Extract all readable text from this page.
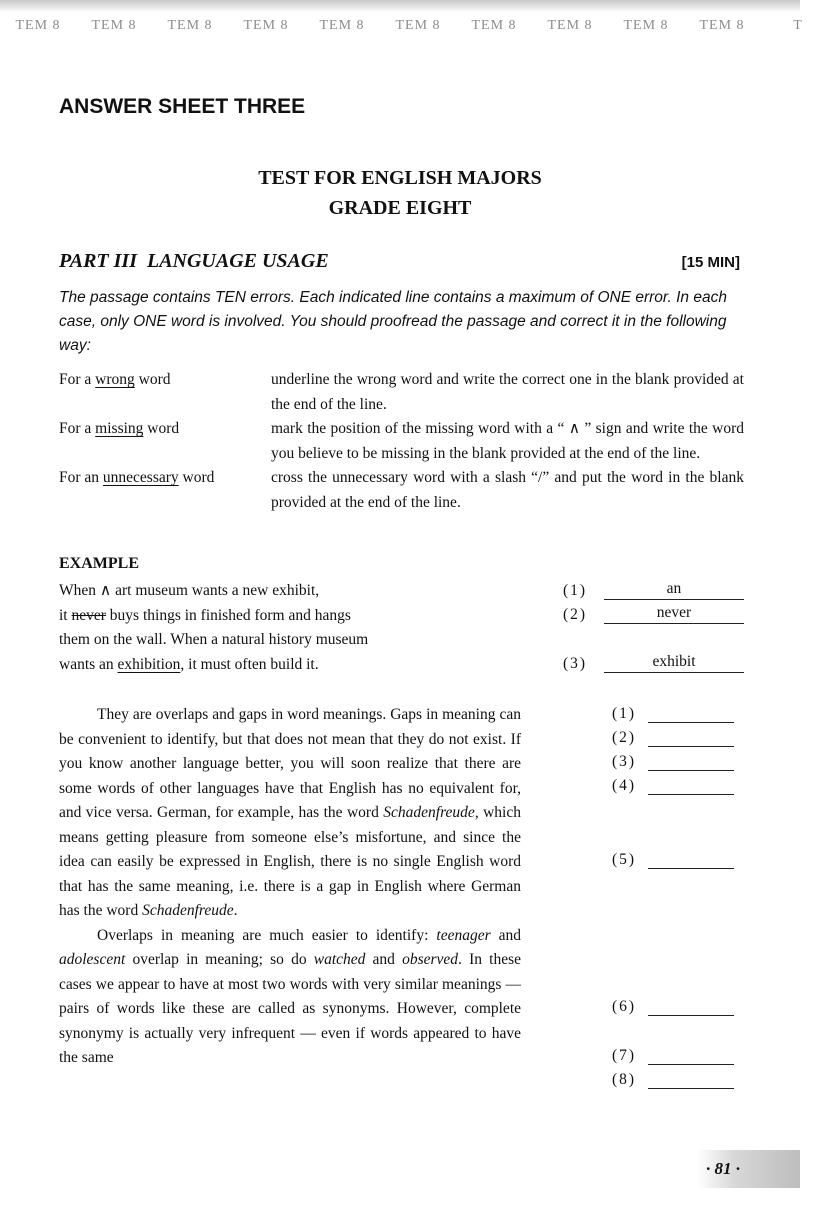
TEM 8	TEM 8	TEM 8	TEM 8	TEM 8	TEM 8	TEM 8	TEM 8	TEM 8	TEM 8	T
ANSWER SHEET THREE
TEST FOR ENGLISH MAJORS
GRADE EIGHT
PART III  LANGUAGE USAGE	[15 MIN]
The passage contains TEN errors. Each indicated line contains a maximum of ONE error. In each case, only ONE word is involved. You should proofread the passage and correct it in the following way:
For a wrong word	underline the wrong word and write the correct one in the blank provided at the end of the line.
For a missing word	mark the position of the missing word with a “ ∧ ” sign and write the word you believe to be missing in the blank provided at the end of the line.
For an unnecessary word	cross the unnecessary word with a slash “/” and put the word in the blank provided at the end of the line.
EXAMPLE
When ∧ art museum wants a new exhibit,
it never buys things in finished form and hangs
them on the wall. When a natural history museum
wants an exhibition, it must often build it.
(1)	an
(2)	never
(3)	exhibit

They are overlaps and gaps in word meanings. Gaps in meaning can be convenient to identify, but that does not mean that they do not exist. If you know another language better, you will soon realize that there are some words of other languages have that English has no equivalent for, and vice versa. German, for example, has the word Schadenfreude, which means getting pleasure from someone else’s misfortune, and since the idea can easily be expressed in English, there is no single English word that has the same meaning, i.e. there is a gap in English where German has the word Schadenfreude.

Overlaps in meaning are much easier to identify: teenager and adolescent overlap in meaning; so do watched and observed. In these cases we appear to have at most two words with very similar meanings — pairs of words like these are called as synonyms. However, complete synonymy is actually very infrequent — even if words appeared to have the same

(1)
(2)
(3)
(4)
(5)
(6)
(7)
(8)
· 81 ·
